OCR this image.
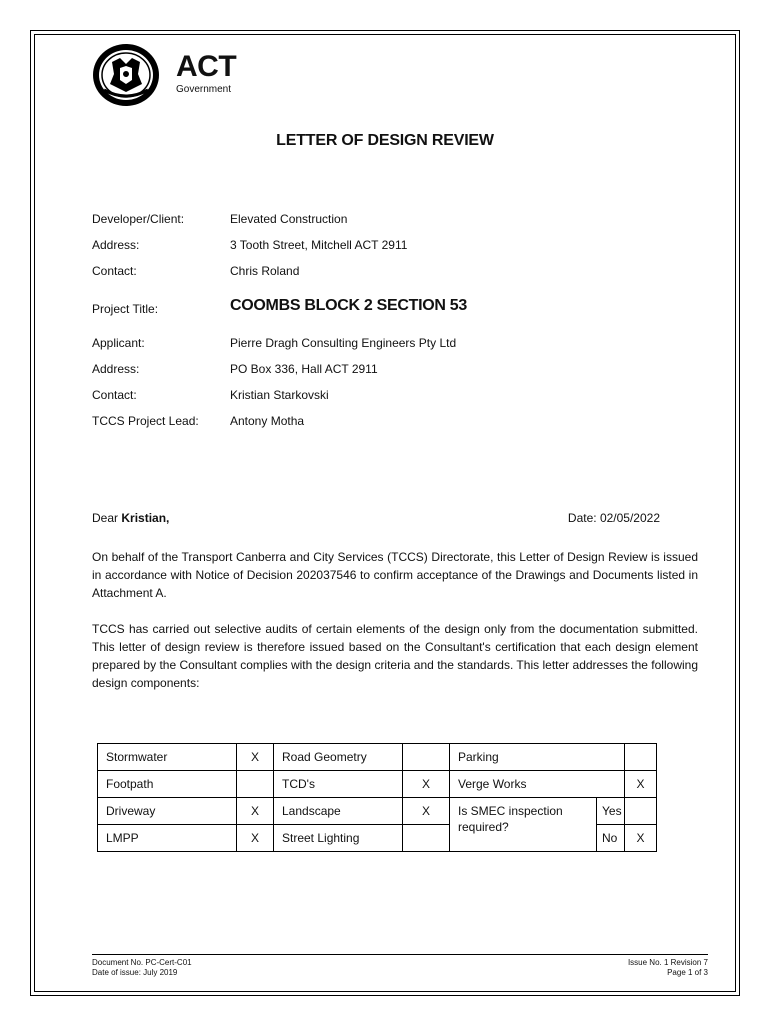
ACT
Government
LETTER OF DESIGN REVIEW
Developer/Client:	Elevated Construction
Address:	3 Tooth Street, Mitchell ACT 2911
Contact:	Chris Roland
Project Title:	COOMBS BLOCK 2 SECTION 53
Applicant:	Pierre Dragh Consulting Engineers Pty Ltd
Address:	PO Box 336, Hall ACT 2911
Contact:	Kristian Starkovski
TCCS Project Lead:	Antony Motha
Dear Kristian,	Date: 02/05/2022

On behalf of the Transport Canberra and City Services (TCCS) Directorate, this Letter of Design Review is issued in accordance with Notice of Decision 202037546 to confirm acceptance of the Drawings and Documents listed in Attachment A.

TCCS has carried out selective audits of certain elements of the design only from the documentation submitted. This letter of design review is therefore issued based on the Consultant's certification that each design element prepared by the Consultant complies with the design criteria and the standards. This letter addresses the following design components:

Stormwater	X	Road Geometry		Parking		
Footpath		TCD's	X	Verge Works		X
Driveway	X	Landscape	X	Is SMEC inspection required?	Yes	
LMPP	X	Street Lighting			No	X
Document No. PC-Cert-C01
Date of issue: July 2019
Issue No. 1 Revision 7
Page 1 of 3
